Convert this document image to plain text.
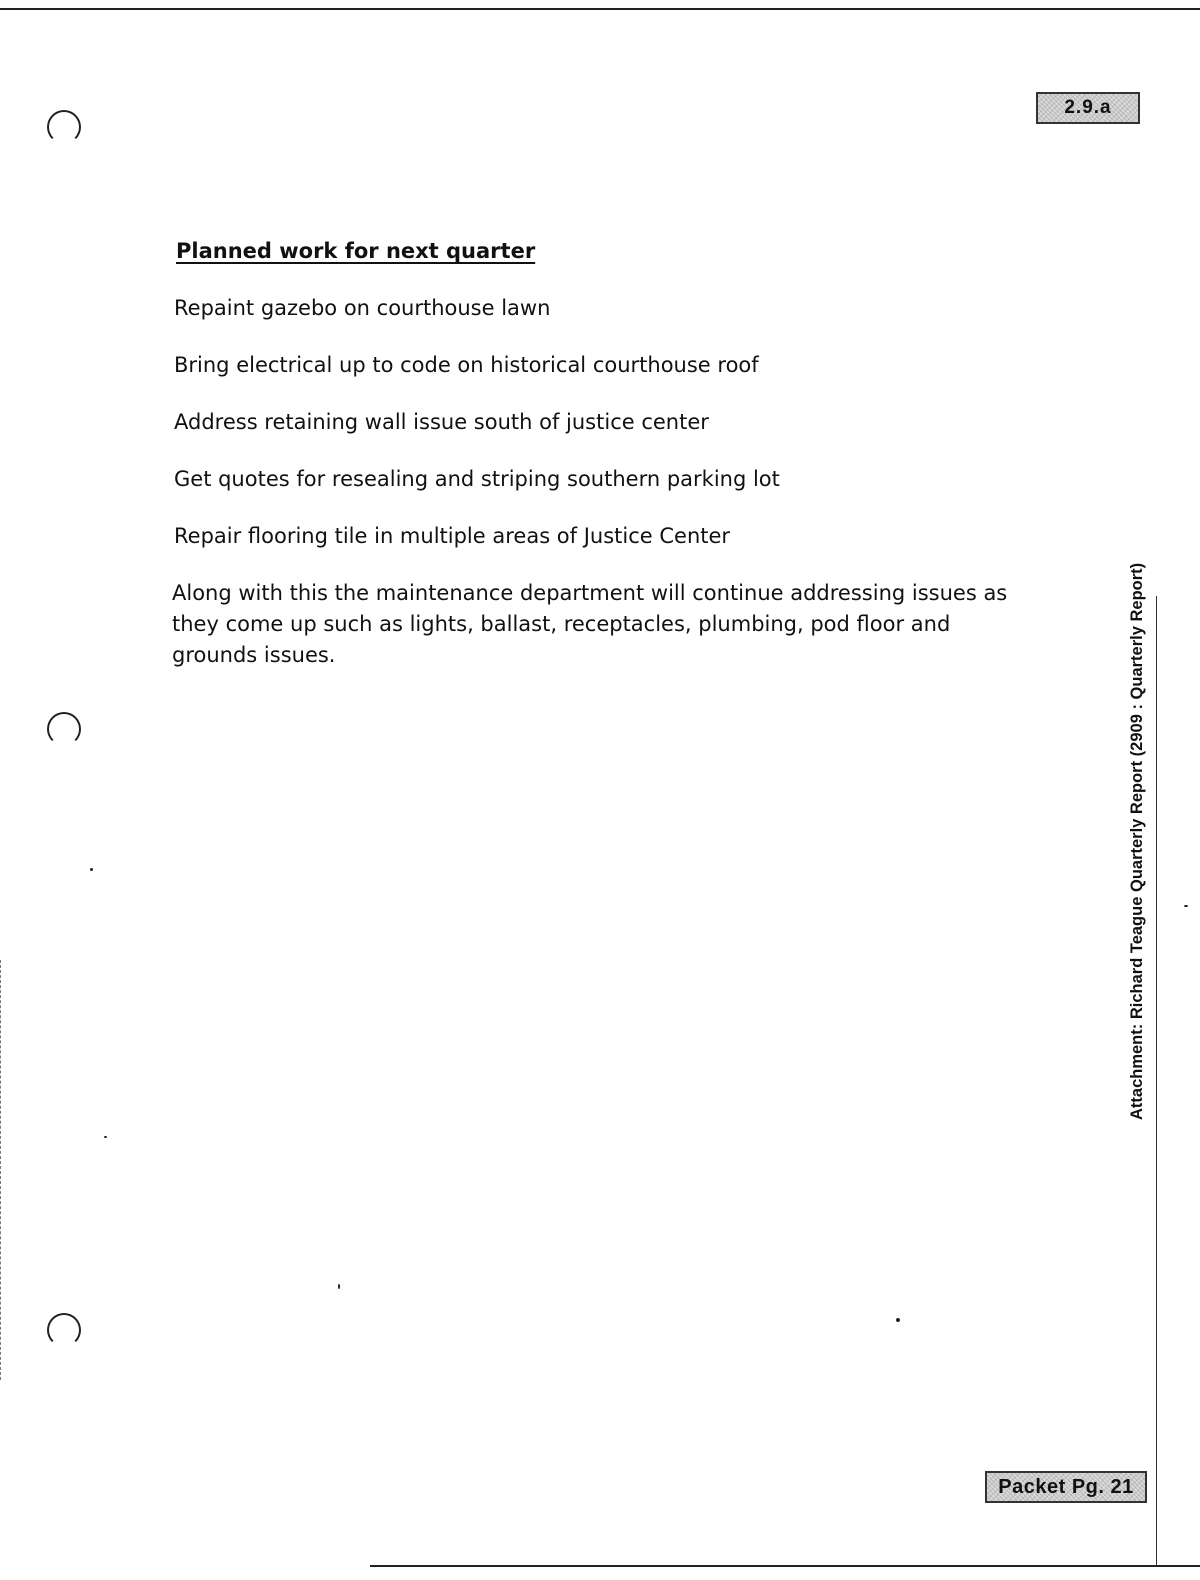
2.9.a
Planned work for next quarter
Repaint gazebo on courthouse lawn
Bring electrical up to code on historical courthouse roof
Address retaining wall issue south of justice center
Get quotes for resealing and striping southern parking lot
Repair flooring tile in multiple areas of Justice Center

Along with this the maintenance department will continue addressing issues as they come up such as lights, ballast, receptacles, plumbing, pod floor and grounds issues.	Attachment: Richard Teague Quarterly Report (2909 : Quarterly Report)
Packet Pg. 21
